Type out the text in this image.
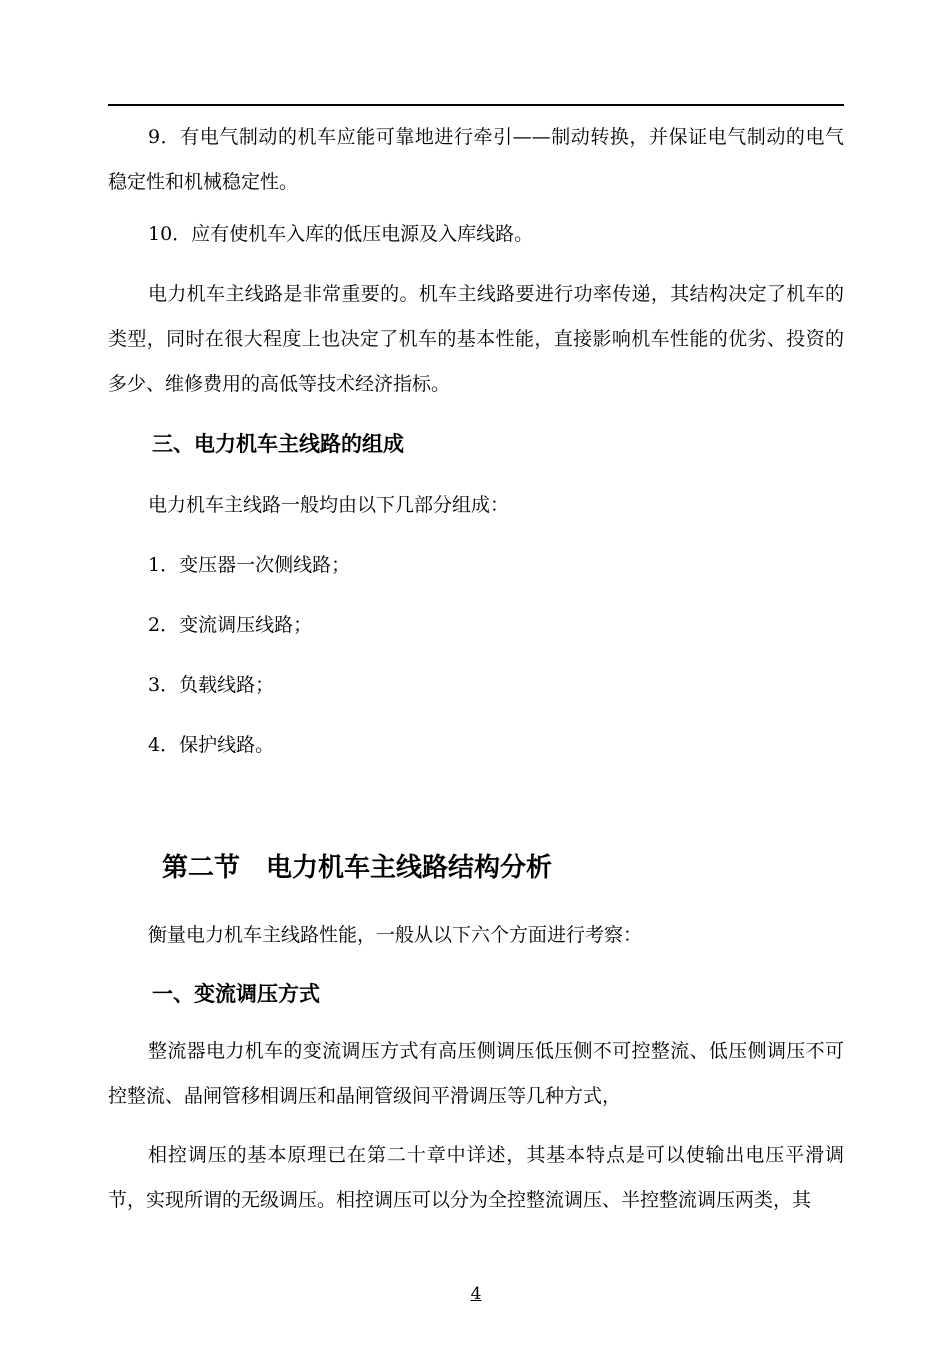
9．有电气制动的机车应能可靠地进行牵引——制动转换，并保证电气制动的电气稳定性和机械稳定性。

10．应有使机车入库的低压电源及入库线路。

电力机车主线路是非常重要的。机车主线路要进行功率传递，其结构决定了机车的类型，同时在很大程度上也决定了机车的基本性能，直接影响机车性能的优劣、投资的多少、维修费用的高低等技术经济指标。

三、电力机车主线路的组成

电力机车主线路一般均由以下几部分组成：

1．变压器一次侧线路；

2．变流调压线路；

3．负载线路；

4．保护线路。

第二节　电力机车主线路结构分析

衡量电力机车主线路性能，一般从以下六个方面进行考察：

一、变流调压方式

整流器电力机车的变流调压方式有高压侧调压低压侧不可控整流、低压侧调压不可控整流、晶闸管移相调压和晶闸管级间平滑调压等几种方式，

相控调压的基本原理已在第二十章中详述，其基本特点是可以使输出电压平滑调节，实现所谓的无级调压。相控调压可以分为全控整流调压、半控整流调压两类，其

4
